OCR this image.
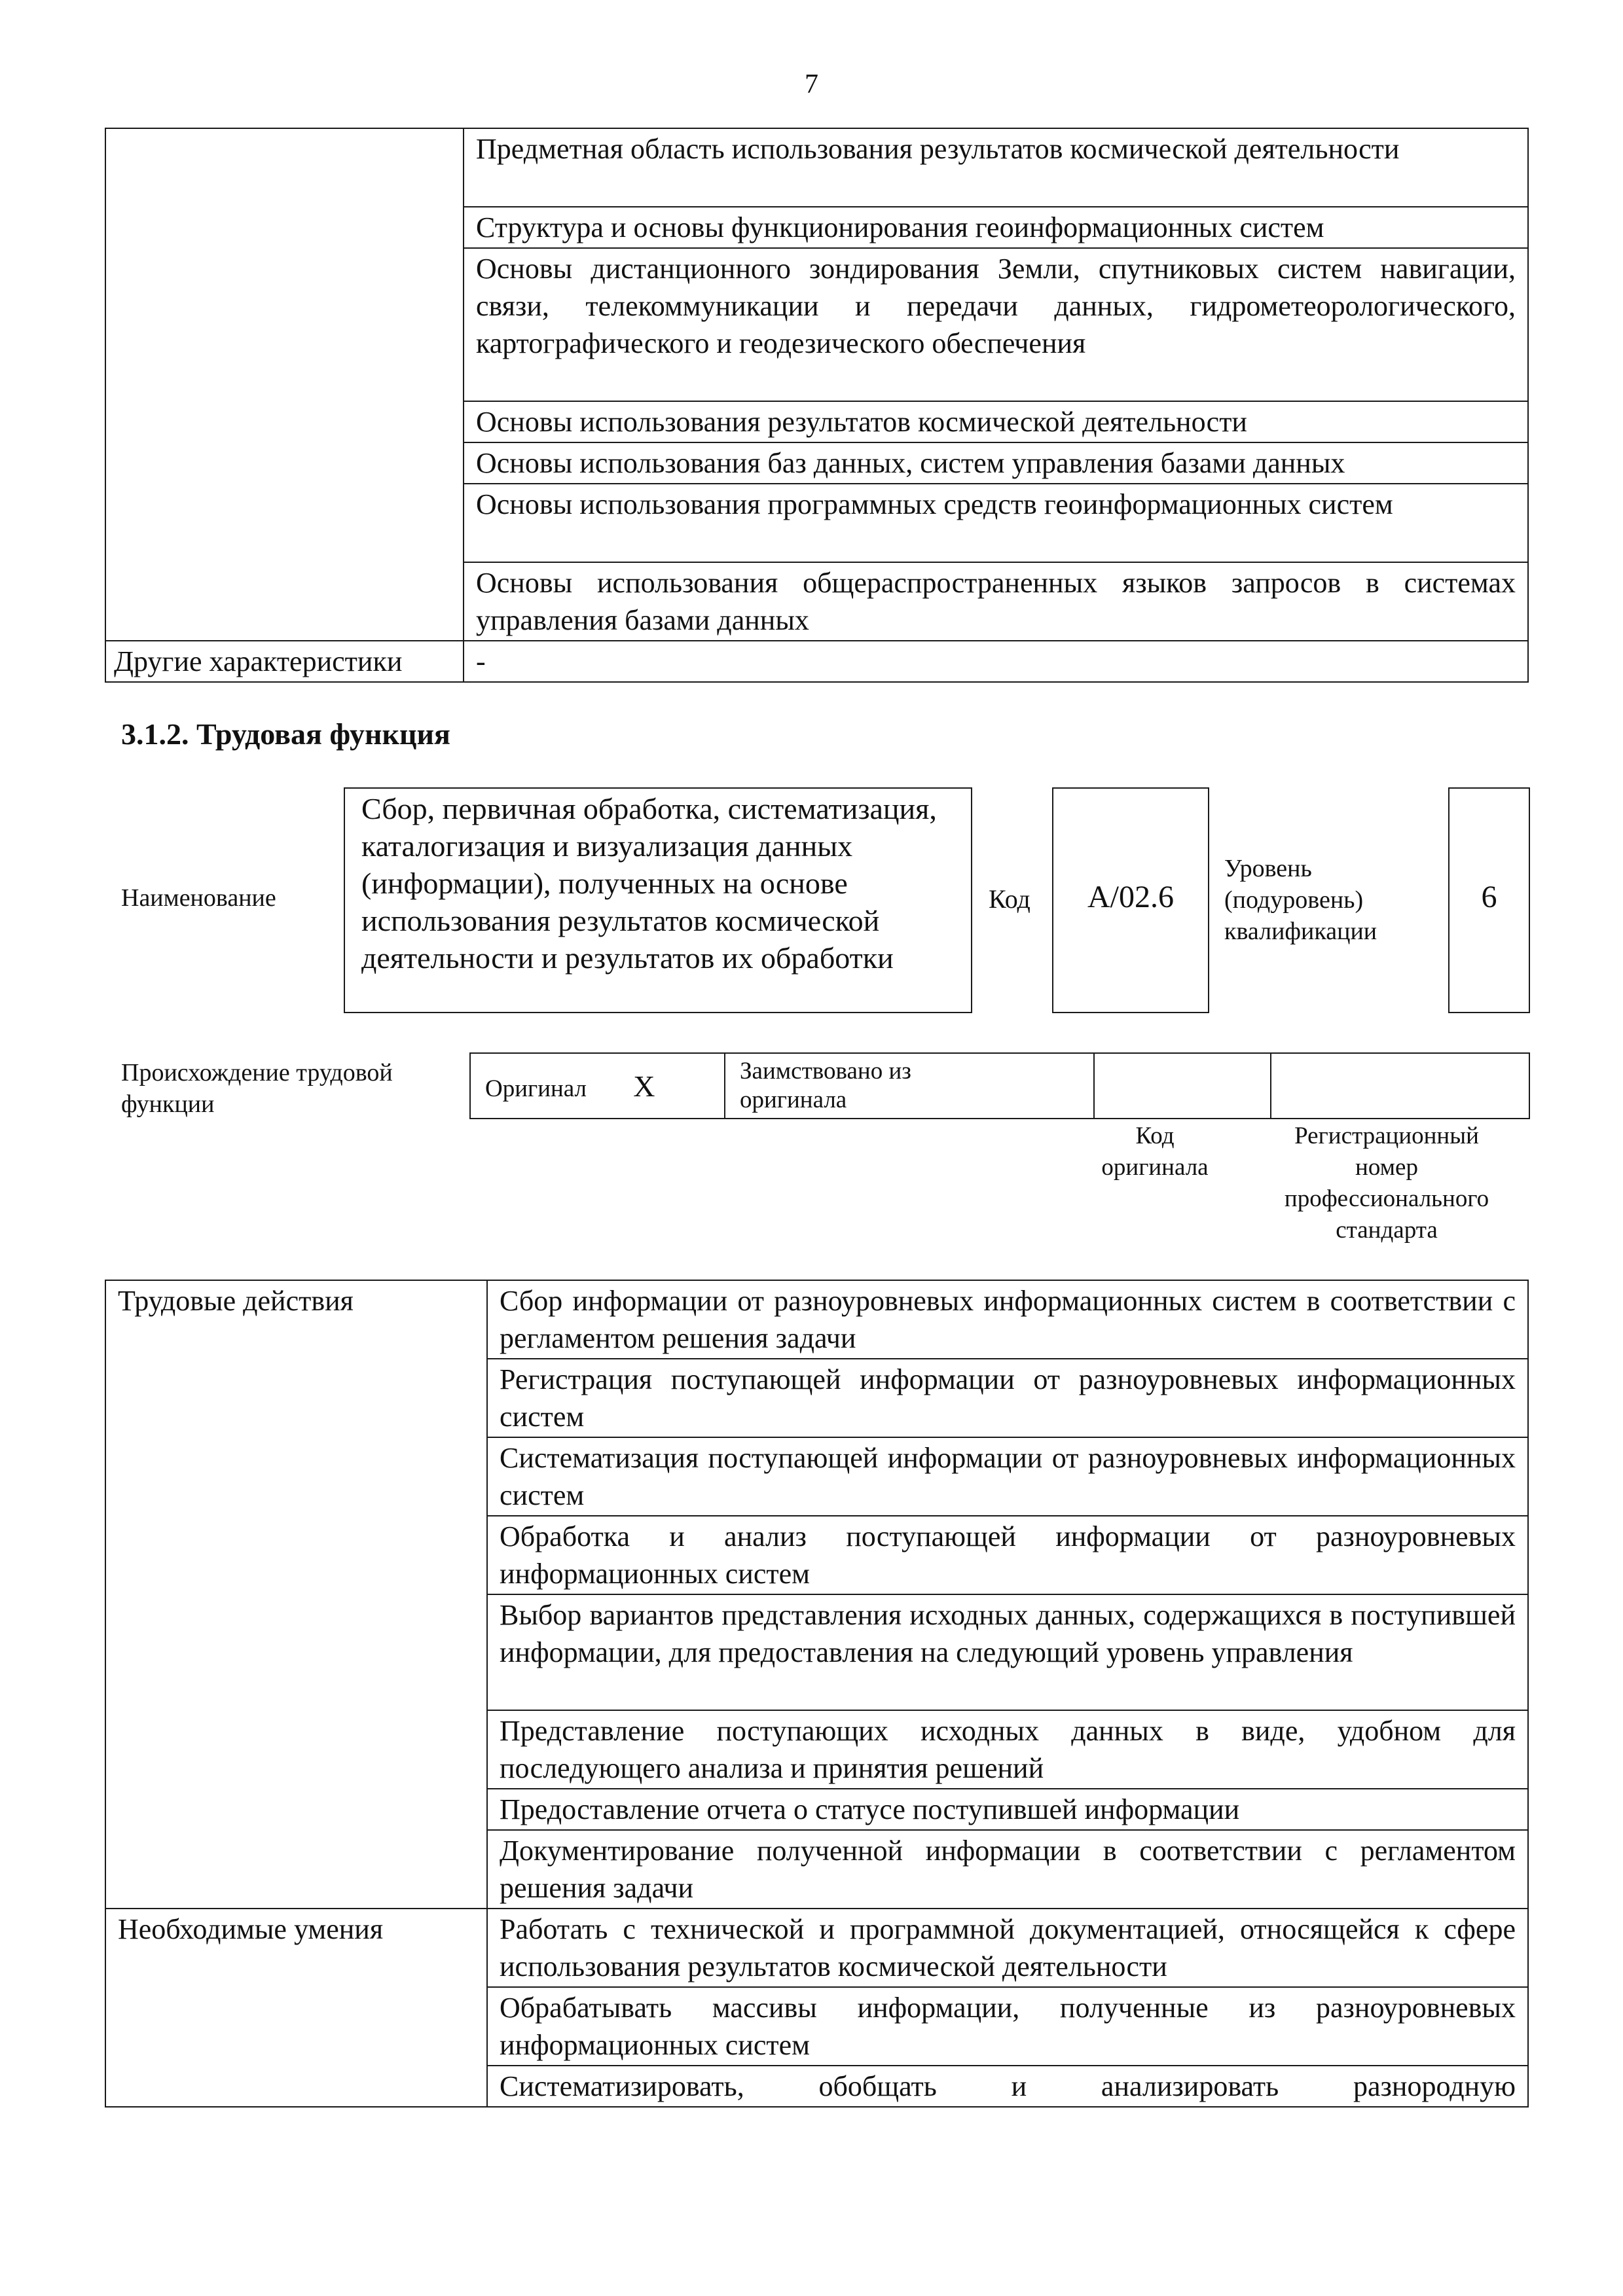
7
	Предметная область использования результатов космической деятельности
	Структура и основы функционирования геоинформационных систем
	Основы дистанционного зондирования Земли, спутниковых систем навигации, связи, телекоммуникации и передачи данных, гидрометеорологического, картографического и геодезического обеспечения
	Основы использования результатов космической деятельности
	Основы использования баз данных, систем управления базами данных
	Основы использования программных средств геоинформационных систем
	Основы использования общераспространенных языков запросов в системах управления базами данных
Другие характеристики	-
3.1.2. Трудовая функция
Наименование
Сбор, первичная обработка, систематизация, каталогизация и визуализация данных (информации), полученных на основе использования результатов космической деятельности и результатов их обработки
Код	А/02.6
Уровень
(подуровень)
квалификации
6
Происхождение трудовой
функции
Оригинал X	Заимствовано из
оригинала

Код
оригинала
Регистрационный
номер
профессионального
стандарта
Трудовые действия	Сбор информации от разноуровневых информационных систем в соответствии с регламентом решения задачи
	Регистрация поступающей информации от разноуровневых информационных систем
	Систематизация поступающей информации от разноуровневых информационных систем
	Обработка и анализ поступающей информации от разноуровневых информационных систем
	Выбор вариантов представления исходных данных, содержащихся в поступившей информации, для предоставления на следующий уровень управления
	Представление поступающих исходных данных в виде, удобном для последующего анализа и принятия решений
	Предоставление отчета о статусе поступившей информации
	Документирование полученной информации в соответствии с регламентом решения задачи
Необходимые умения	Работать с технической и программной документацией, относящейся к сфере использования результатов космической деятельности
	Обрабатывать массивы информации, полученные из разноуровневых информационных систем
	Систематизировать, обобщать и анализировать разнородную
